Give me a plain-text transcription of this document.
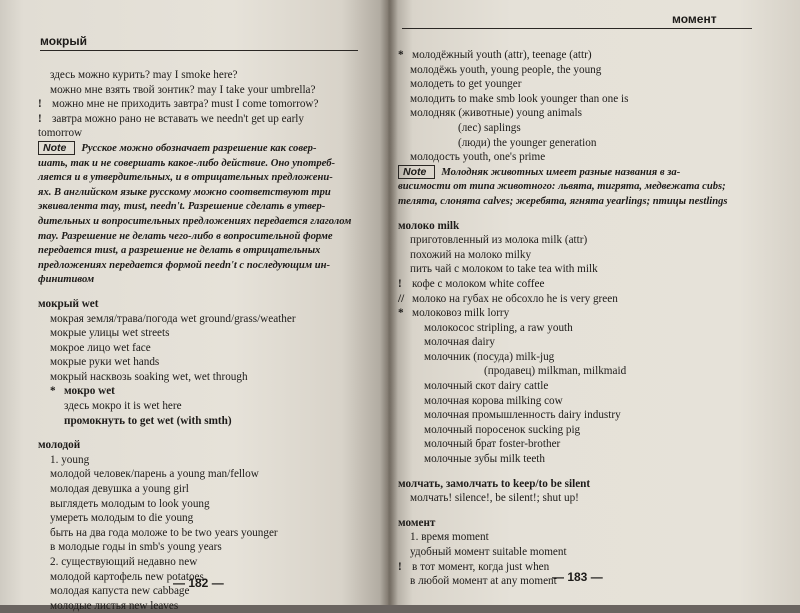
мокрый
здесь можно курить? may I smoke here?
можно мне взять твой зонтик? may I take your umbrella?
! можно мне не приходить завтра? must I come tomorrow?
! завтра можно рано не вставать we needn't get up early
tomorrow
Note Русское можно обозначает разрешение как совер-
шать, так и не совершать какое-либо действие. Оно употреб-
ляется и в утвердительных, и в отрицательных предложени-
ях. В английском языке русскому можно соответствуют три
эквивалента may, must, needn't. Разрешение сделать в утвер-
дительных и вопросительных предложениях передается глаголом
may. Разрешение не делать чего-либо в вопросительной форме
передается must, а разрешение не делать в отрицательных
предложениях передается формой needn't с последующим ин-
финитивом
мокрый wet
мокрая земля/трава/погода wet ground/grass/weather
мокрые улицы wet streets
мокрое лицо wet face
мокрые руки wet hands
мокрый насквозь soaking wet, wet through
* мокро wet
здесь мокро it is wet here
промокнуть to get wet (with smth)
молодой
1. young
молодой человек/парень a young man/fellow
молодая девушка a young girl
выглядеть молодым to look young
умереть молодым to die young
быть на два года моложе to be two years younger
в молодые годы in smb's young years
2. существующий недавно new
молодой картофель new potatoes
молодая капуста new cabbage
молодые листья new leaves
— 182 —
момент
* молодёжный youth (attr), teenage (attr)
молодёжь youth, young people, the young
молодеть to get younger
молодить to make smb look younger than one is
молодняк (животные) young animals
(лес) saplings
(люди) the younger generation
молодость youth, one's prime
Note Молодняк животных имеет разные названия в за-
висимости от типа животного: львята, тигрята, медвежата cubs;
телята, слонята calves; жеребята, ягнята yearlings; птицы nestlings
молоко milk
приготовленный из молока milk (attr)
похожий на молоко milky
пить чай с молоком to take tea with milk
! кофе с молоком white coffee
// молоко на губах не обсохло he is very green
* молоковоз milk lorry
молокосос stripling, a raw youth
молочная dairy
молочник (посуда) milk-jug
(продавец) milkman, milkmaid
молочный скот dairy cattle
молочная корова milking cow
молочная промышленность dairy industry
молочный поросенок sucking pig
молочный брат foster-brother
молочные зубы milk teeth
молчать, замолчать to keep/to be silent
молчать! silence!, be silent!; shut up!
момент
1. время moment
удобный момент suitable moment
! в тот момент, когда just when
в любой момент at any moment
— 183 —
